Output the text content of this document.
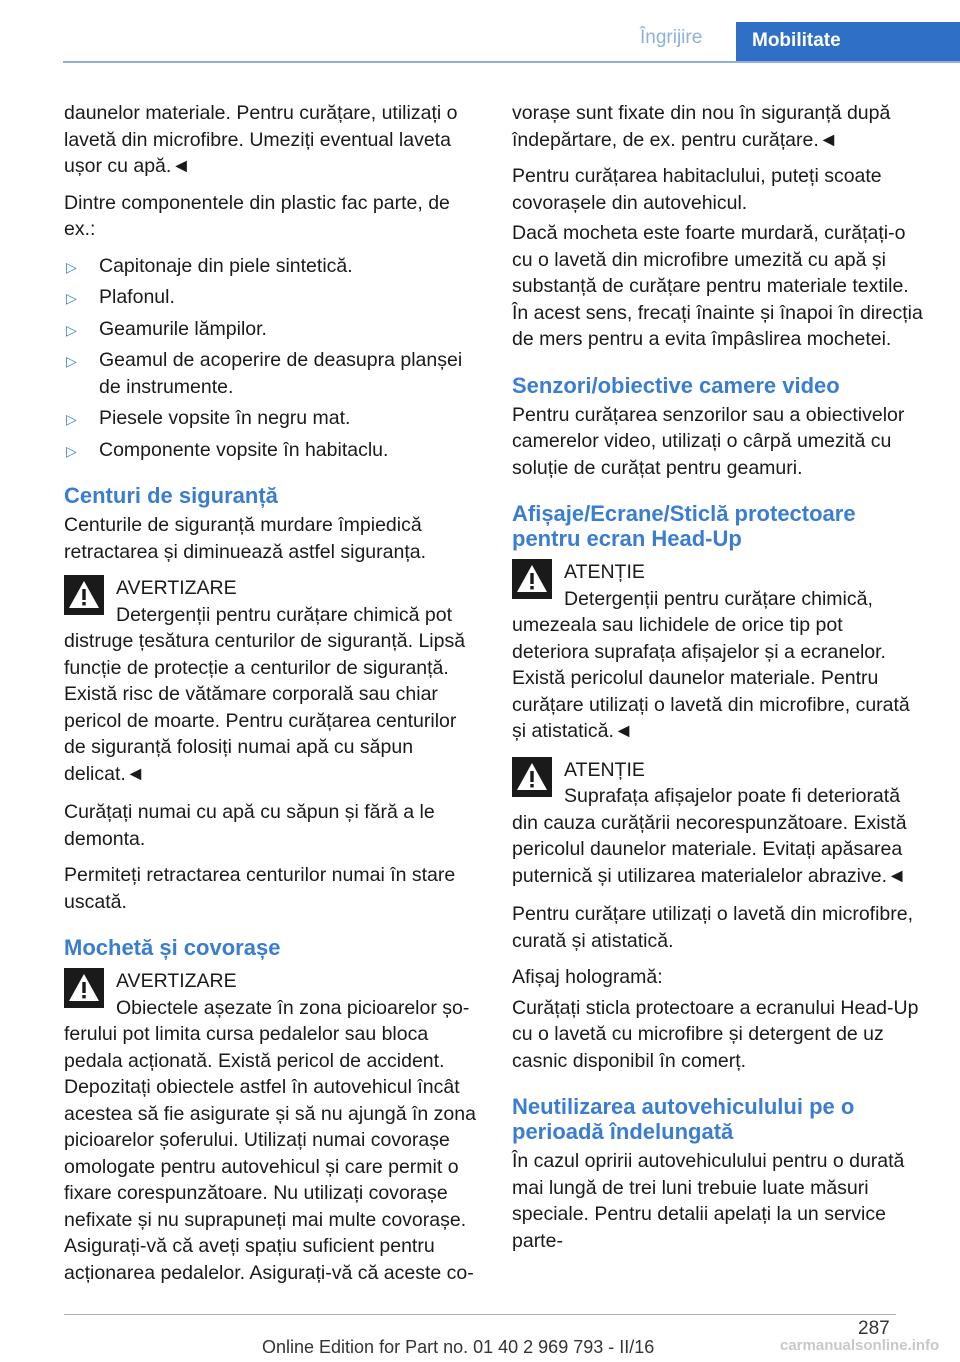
Îngrijire	Mobilitate

daunelor materiale. Pentru curățare, utilizați o lavetă din microfibre. Umeziți eventual laveta ușor cu apă.◄

Dintre componentele din plastic fac parte, de ex.:

▷ Capitonaje din piele sintetică.
▷ Plafonul.
▷ Geamurile lămpilor.
▷ Geamul de acoperire de deasupra planșei de instrumente.
▷ Piesele vopsite în negru mat.
▷ Componente vopsite în habitaclu.
Centuri de siguranță

Centurile de siguranță murdare împiedică retractarea și diminuează astfel siguranța.

AVERTIZARE
Detergenții pentru curățare chimică pot
distruge țesătura centurilor de siguranță. Lipsă funcție de protecție a centurilor de siguranță. Există risc de vătămare corporală sau chiar pericol de moarte. Pentru curățarea centurilor de siguranță folosiți numai apă cu săpun delicat.◄

Curățați numai cu apă cu săpun și fără a le demonta.

Permiteți retractarea centurilor numai în stare uscată.

Mochetă și covorașe
AVERTIZARE
Obiectele așezate în zona picioarelor șo-
ferului pot limita cursa pedalelor sau bloca pedala acționată. Există pericol de accident. Depozitați obiectele astfel în autovehicul încât acestea să fie asigurate și să nu ajungă în zona picioarelor șoferului. Utilizați numai covorașe omologate pentru autovehicul și care permit o fixare corespunzătoare. Nu utilizați covorașe nefixate și nu suprapuneți mai multe covorașe. Asigurați-vă că aveți spațiu suficient pentru acționarea pedalelor. Asigurați-vă că aceste co-

vorașe sunt fixate din nou în siguranță după îndepărtare, de ex. pentru curățare.◄

Pentru curățarea habitaclului, puteți scoate covorașele din autovehicul.

Dacă mocheta este foarte murdară, curățați-o cu o lavetă din microfibre umezită cu apă și substanță de curățare pentru materiale textile. În acest sens, frecați înainte și înapoi în direcția de mers pentru a evita împâslirea mochetei.

Senzori/obiective camere video

Pentru curățarea senzorilor sau a obiectivelor camerelor video, utilizați o cârpă umezită cu soluție de curățat pentru geamuri.

Afișaje/Ecrane/Sticlă protectoare pentru ecran Head-Up
ATENȚIE
Detergenții pentru curățare chimică,
umezeala sau lichidele de orice tip pot deteriora suprafața afișajelor și a ecranelor. Există pericolul daunelor materiale. Pentru curățare utilizați o lavetă din microfibre, curată și atistatică.◄
ATENȚIE
Suprafața afișajelor poate fi deteriorată
din cauza curățării necorespunzătoare. Există pericolul daunelor materiale. Evitați apăsarea puternică și utilizarea materialelor abrazive.◄

Pentru curățare utilizați o lavetă din microfibre, curată și atistatică.

Afișaj hologramă:

Curățați sticla protectoare a ecranului Head-Up cu o lavetă cu microfibre și detergent de uz casnic disponibil în comerț.

Neutilizarea autovehiculului pe o perioadă îndelungată

În cazul opririi autovehiculului pentru o durată mai lungă de trei luni trebuie luate măsuri speciale. Pentru detalii apelați la un service parte-

287
Online Edition for Part no. 01 40 2 969 793 - II/16	carmanualsonline.info
